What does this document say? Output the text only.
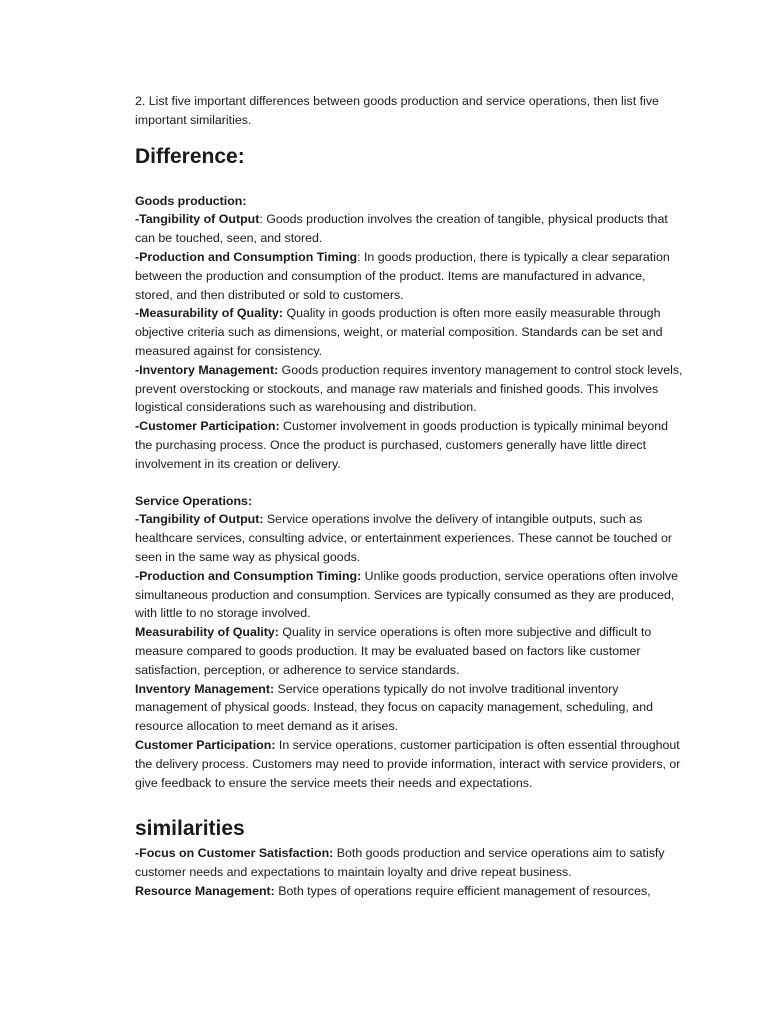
2. List five important differences between goods production and service operations, then list five important similarities.

Difference:

Goods production:

-Tangibility of Output: Goods production involves the creation of tangible, physical products that can be touched, seen, and stored.

-Production and Consumption Timing: In goods production, there is typically a clear separation between the production and consumption of the product. Items are manufactured in advance, stored, and then distributed or sold to customers.

-Measurability of Quality: Quality in goods production is often more easily measurable through objective criteria such as dimensions, weight, or material composition. Standards can be set and measured against for consistency.

-Inventory Management: Goods production requires inventory management to control stock levels, prevent overstocking or stockouts, and manage raw materials and finished goods. This involves logistical considerations such as warehousing and distribution.

-Customer Participation: Customer involvement in goods production is typically minimal beyond the purchasing process. Once the product is purchased, customers generally have little direct involvement in its creation or delivery.

Service Operations:

-Tangibility of Output: Service operations involve the delivery of intangible outputs, such as healthcare services, consulting advice, or entertainment experiences. These cannot be touched or seen in the same way as physical goods.

-Production and Consumption Timing: Unlike goods production, service operations often involve simultaneous production and consumption. Services are typically consumed as they are produced, with little to no storage involved.

Measurability of Quality: Quality in service operations is often more subjective and difficult to measure compared to goods production. It may be evaluated based on factors like customer satisfaction, perception, or adherence to service standards.

Inventory Management: Service operations typically do not involve traditional inventory management of physical goods. Instead, they focus on capacity management, scheduling, and resource allocation to meet demand as it arises.

Customer Participation: In service operations, customer participation is often essential throughout the delivery process. Customers may need to provide information, interact with service providers, or give feedback to ensure the service meets their needs and expectations.

similarities

-Focus on Customer Satisfaction: Both goods production and service operations aim to satisfy customer needs and expectations to maintain loyalty and drive repeat business.

Resource Management: Both types of operations require efficient management of resources,
